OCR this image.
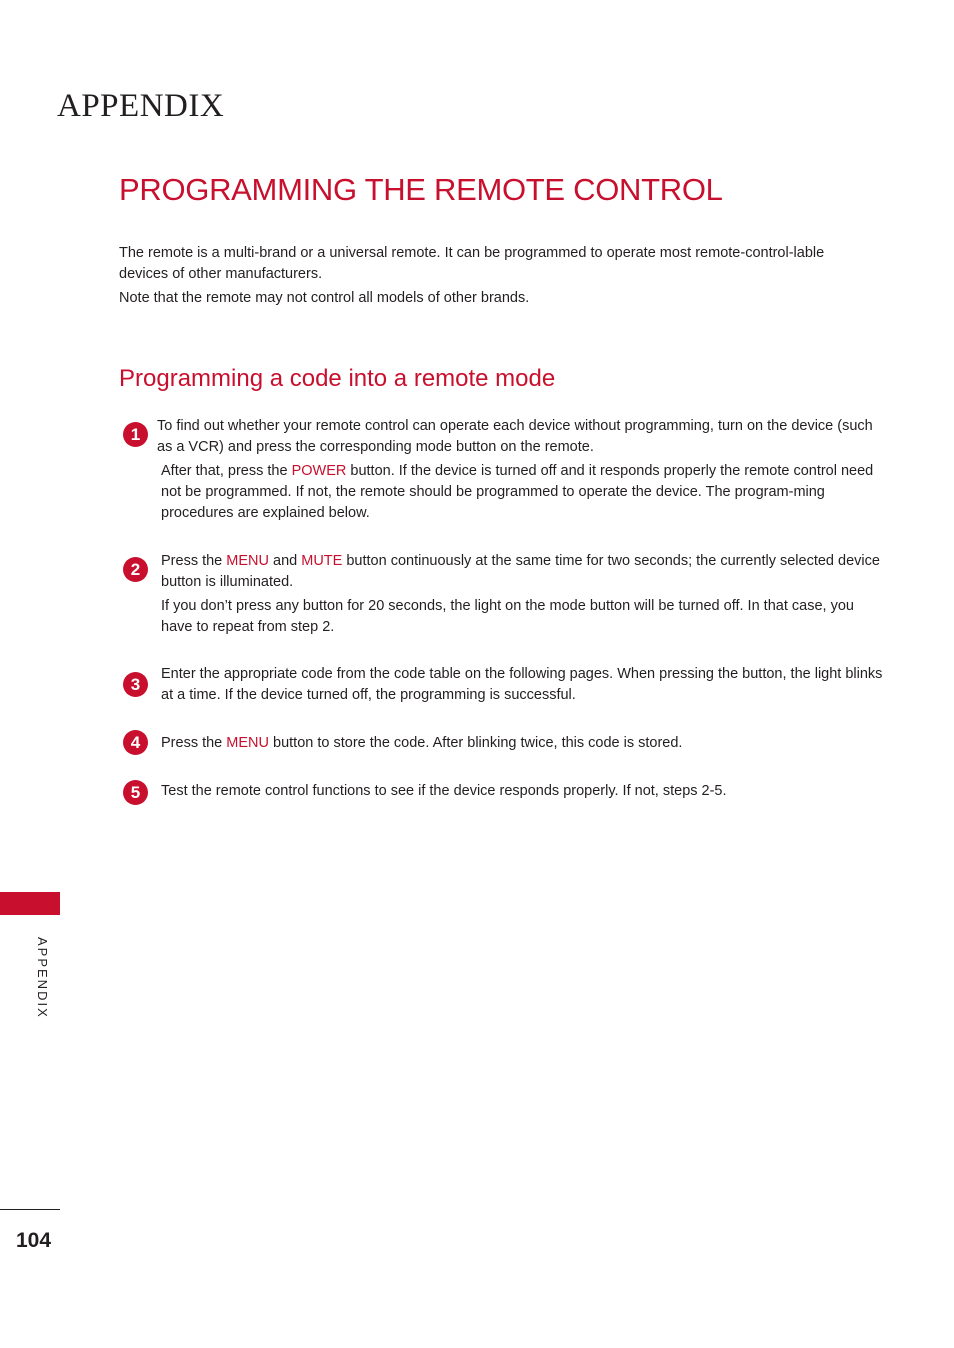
APPENDIX
PROGRAMMING THE REMOTE CONTROL

The remote is a multi-brand or a universal remote. It can be programmed to operate most remote-control-lable devices of other manufacturers.

Note that the remote may not control all models of other brands.

Programming a code into a remote mode
1	To find out whether your remote control can operate each device without programming, turn on the device (such as a VCR) and press the corresponding mode button on the remote.

After that, press the POWER button. If the device is turned off and it responds properly the remote control need not be programmed. If not, the remote should be programmed to operate the device. The program-ming procedures are explained below.

2	Press the MENU and MUTE button continuously at the same time for two seconds; the currently selected device button is illuminated.

If you don’t press any button for 20 seconds, the light on the mode button will be turned off. In that case, you have to repeat from step 2.

3

Enter the appropriate code from the code table on the following pages. When pressing the button, the light blinks at a time. If the device turned off, the programming is successful.

4	Press the MENU button to store the code. After blinking twice, this code is stored.

5	Test the remote control functions to see if the device responds properly. If not, steps 2-5.

APPENDIX
104
